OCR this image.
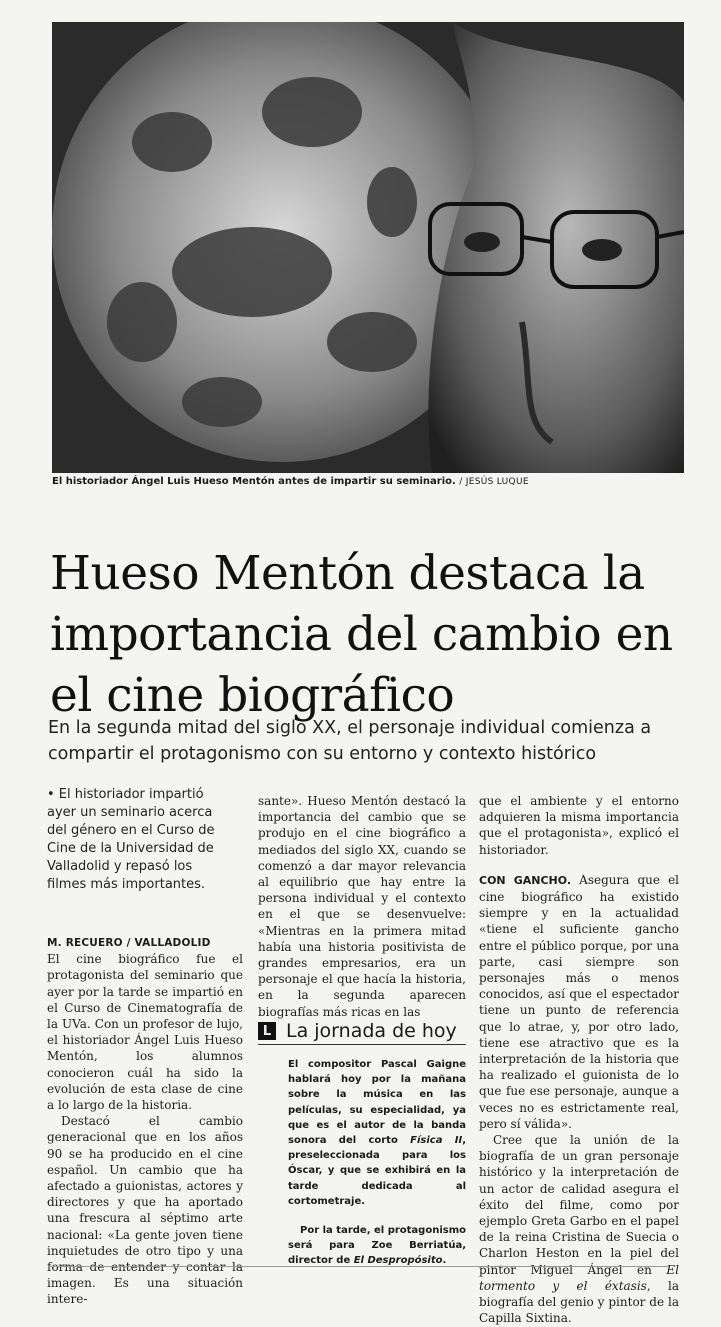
El historiador Ángel Luis Hueso Mentón antes de impartir su seminario. / JESÚS LUQUE
Hueso Mentón destaca la importancia del cambio en el cine biográfico
En la segunda mitad del siglo XX, el personaje individual comienza a compartir el protagonismo con su entorno y contexto histórico
• El historiador impartió ayer un seminario acerca del género en el Curso de Cine de la Universidad de Valladolid y repasó los filmes más importantes.

M. RECUERO / VALLADOLID

El cine biográfico fue el protagonista del seminario que ayer por la tarde se impartió en el Curso de Cinematografía de la UVa. Con un profesor de lujo, el historiador Ángel Luis Hueso Mentón, los alumnos conocieron cuál ha sido la evolución de esta clase de cine a lo largo de la historia.

Destacó el cambio generacional que en los años 90 se ha producido en el cine español. Un cambio que ha afectado a guionistas, actores y directores y que ha aportado una frescura al séptimo arte nacional: «La gente joven tiene inquietudes de otro tipo y una forma de entender y contar la imagen. Es una situación intere-

sante». Hueso Mentón destacó la importancia del cambio que se produjo en el cine biográfico a mediados del siglo XX, cuando se comenzó a dar mayor relevancia al equilibrio que hay entre la persona individual y el contexto en el que se desenvuelve: «Mientras en la primera mitad había una historia positivista de grandes empresarios, era un personaje el que hacía la historia, en la segunda aparecen biografías más ricas en las

L La jornada de hoy

El compositor Pascal Gaigne hablará hoy por la mañana sobre la música en las películas, su especialidad, ya que es el autor de la banda sonora del corto Física II, preseleccionada para los Óscar, y que se exhibirá en la tarde dedicada al cortometraje.

Por la tarde, el protagonismo será para Zoe Berriatúa, director de El Despropósito.

que el ambiente y el entorno adquieren la misma importancia que el protagonista», explicó el historiador.

CON GANCHO. Asegura que el cine biográfico ha existido siempre y en la actualidad «tiene el suficiente gancho entre el público porque, por una parte, casi siempre son personajes más o menos conocidos, así que el espectador tiene un punto de referencia que lo atrae, y, por otro lado, tiene ese atractivo que es la interpretación de la historia que ha realizado el guionista de lo que fue ese personaje, aunque a veces no es estrictamente real, pero sí válida».

Cree que la unión de la biografía de un gran personaje histórico y la interpretación de un actor de calidad asegura el éxito del filme, como por ejemplo Greta Garbo en el papel de la reina Cristina de Suecia o Charlon Heston en la piel del pintor Miguel Ángel en El tormento y el éxtasis, la biografía del genio y pintor de la Capilla Sixtina.
